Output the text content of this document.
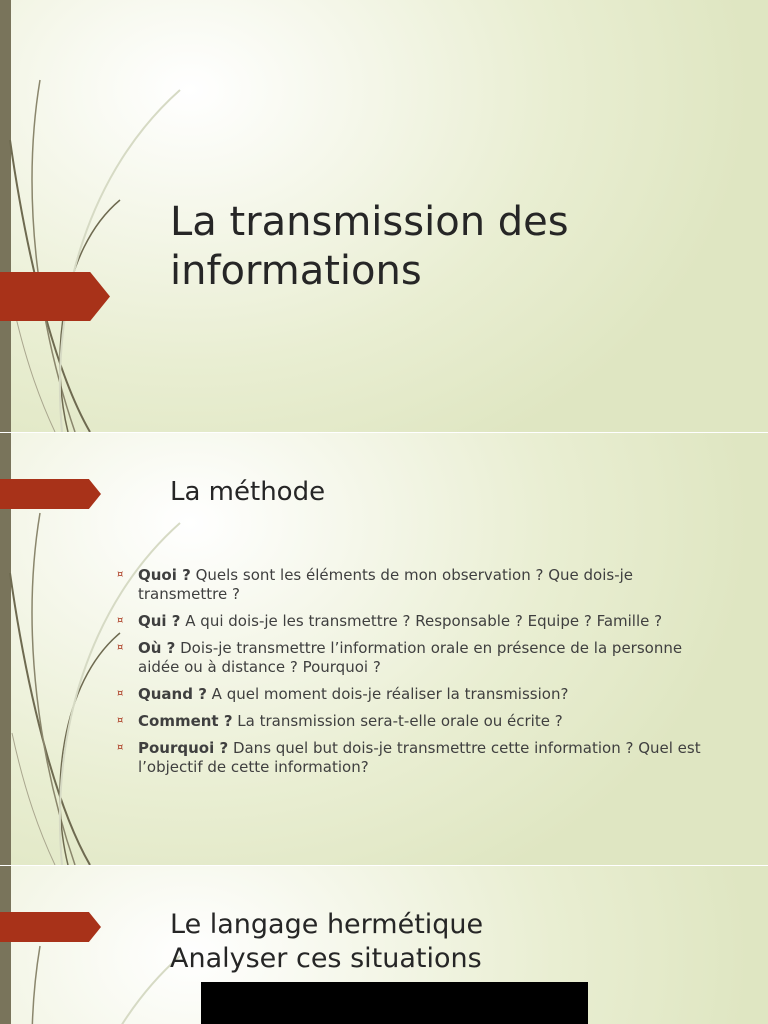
La transmission des informations
La méthode
¤ Quoi ? Quels sont les éléments de mon observation ? Que dois-je transmettre ?
¤ Qui ? A qui dois-je les transmettre ? Responsable ? Equipe ? Famille ?
¤ Où ? Dois-je transmettre l’information orale en présence de la personne aidée ou à distance ? Pourquoi ?
¤ Quand ? A quel moment dois-je réaliser la transmission?
¤ Comment ? La transmission sera-t-elle orale ou écrite ?
¤ Pourquoi ? Dans quel but dois-je transmettre cette information ? Quel est l’objectif de cette information?
Le langage hermétique
Analyser ces situations
